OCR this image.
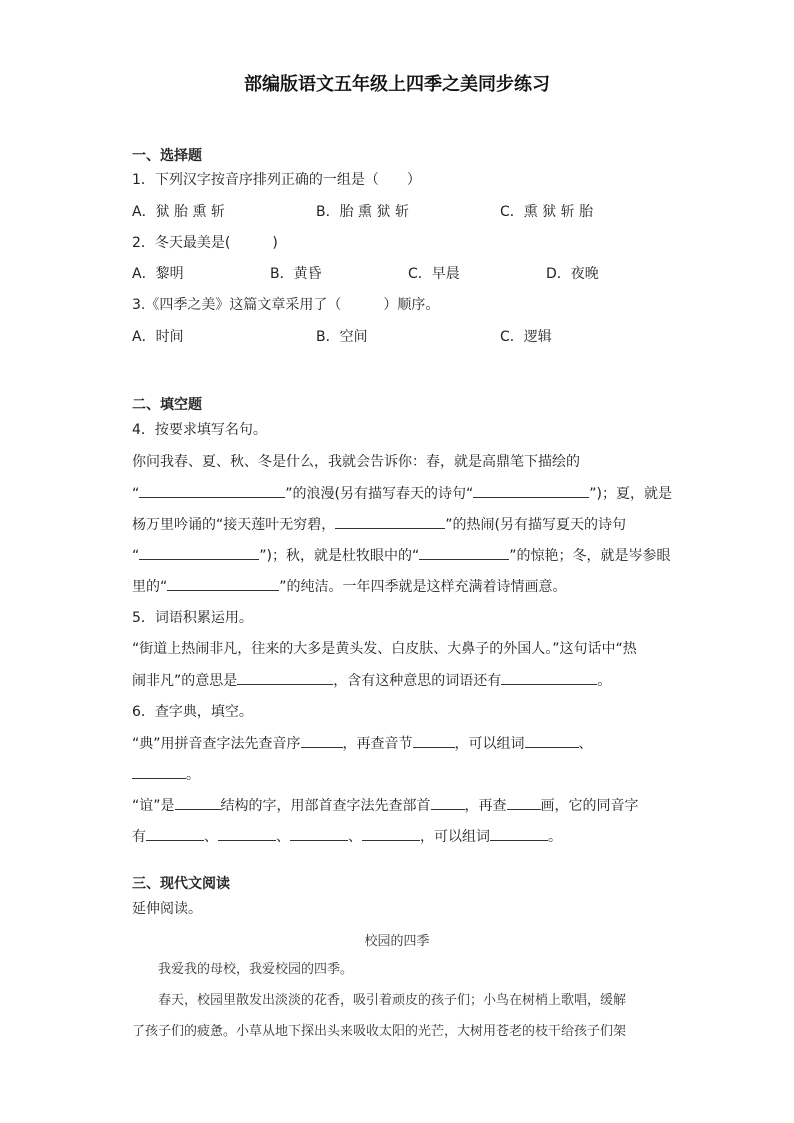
部编版语文五年级上四季之美同步练习
一、选择题
1．下列汉字按音序排列正确的一组是（　　）
A．狱 胎 熏 斩	B．胎 熏 狱 斩	C．熏 狱 斩 胎
2．冬天最美是(　　　)
A．黎明	B．黄昏	C．早晨	D．夜晚
3.《四季之美》这篇文章采用了（　　　）顺序。
A．时间	B．空间	C．逻辑
二、填空题
4．按要求填写名句。
你问我春、夏、秋、冬是什么，我就会告诉你：春，就是高鼎笔下描绘的
“	”的浪漫(另有描写春天的诗句“	”)；夏，就是
杨万里吟诵的“接天莲叶无穷碧，	”的热闹(另有描写夏天的诗句
“	”)；秋，就是杜牧眼中的“	”的惊艳；冬，就是岑参眼
里的“	”的纯洁。一年四季就是这样充满着诗情画意。
5．词语积累运用。
“街道上热闹非凡，往来的大多是黄头发、白皮肤、大鼻子的外国人。”这句话中“热
闹非凡”的意思是	，含有这种意思的词语还有	。
6．查字典，填空。
“典”用拼音查字法先查音序	，再查音节	，可以组词	、
。
“谊”是	结构的字，用部首查字法先查部首 ，再查 画，它的同音字
有	、	、	、	，可以组词	。
三、现代文阅读
延伸阅读。
校园的四季
我爱我的母校，我爱校园的四季。
春天，校园里散发出淡淡的花香，吸引着顽皮的孩子们；小鸟在树梢上歌唱，缓解
了孩子们的疲惫。小草从地下探出头来吸收太阳的光芒，大树用苍老的枝干给孩子们架
